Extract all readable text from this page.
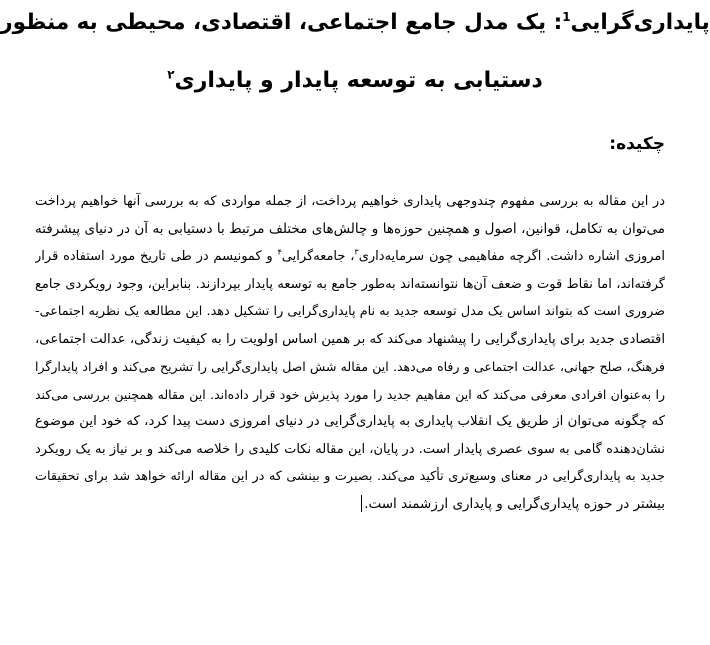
پایداری‌گرایی$^1$: یک مدل جامع اجتماعی، اقتصادی، محیطی به منظور
دستیابی به توسعه پایدار و پایداری$^۲$
چکیده:
در این مقاله به بررسی مفهوم چندوجهی پایداری خواهیم پرداخت، از جمله مواردی که به بررسی آنها خواهیم پرداخت
می‌توان به تکامل، قوانین، اصول و همچنین حوزه‌ها و چالش‌های مختلف مرتبط با دستیابی به آن در دنیای پیشرفته
امروزی اشاره داشت. اگرچه مفاهیمی چون سرمایه‌داری$^۳$، جامعه‌گرایی$^۴$ و کمونیسم در طی تاریخ مورد استفاده قرار
گرفته‌اند، اما نقاط قوت و ضعف آن‌ها نتوانسته‌اند به‌طور جامع به توسعه پایدار بپردازند. بنابراین، وجود رویکردی جامع
ضروری است که بتواند اساس یک مدل توسعه جدید به نام پایداری‌گرایی را تشکیل دهد. این مطالعه یک نظریه اجتماعی-
اقتصادی جدید برای پایداری‌گرایی را پیشنهاد می‌کند که بر همین اساس اولویت را به کیفیت زندگی، عدالت اجتماعی،
فرهنگ، صلح جهانی، عدالت اجتماعی و رفاه می‌دهد. این مقاله شش اصل پایداری‌گرایی را تشریح می‌کند و افراد پایدارگرا
را به‌عنوان افرادی معرفی می‌کند که این مفاهیم جدید را مورد پذیرش خود قرار داده‌اند. این مقاله همچنین بررسی می‌کند
که چگونه می‌توان از طریق یک انقلاب پایداری به پایداری‌گرایی در دنیای امروزی دست پیدا کرد، که خود این موضوع
نشان‌دهنده گامی به سوی عصری پایدار است. در پایان، این مقاله نکات کلیدی را خلاصه می‌کند و بر نیاز به یک رویکرد
جدید به پایداری‌گرایی در معنای وسیع‌تری تأکید می‌کند. بصیرت و بینشی که در این مقاله ارائه خواهد شد برای تحقیقات
بیشتر در حوزه پایداری‌گرایی و پایداری ارزشمند است.
